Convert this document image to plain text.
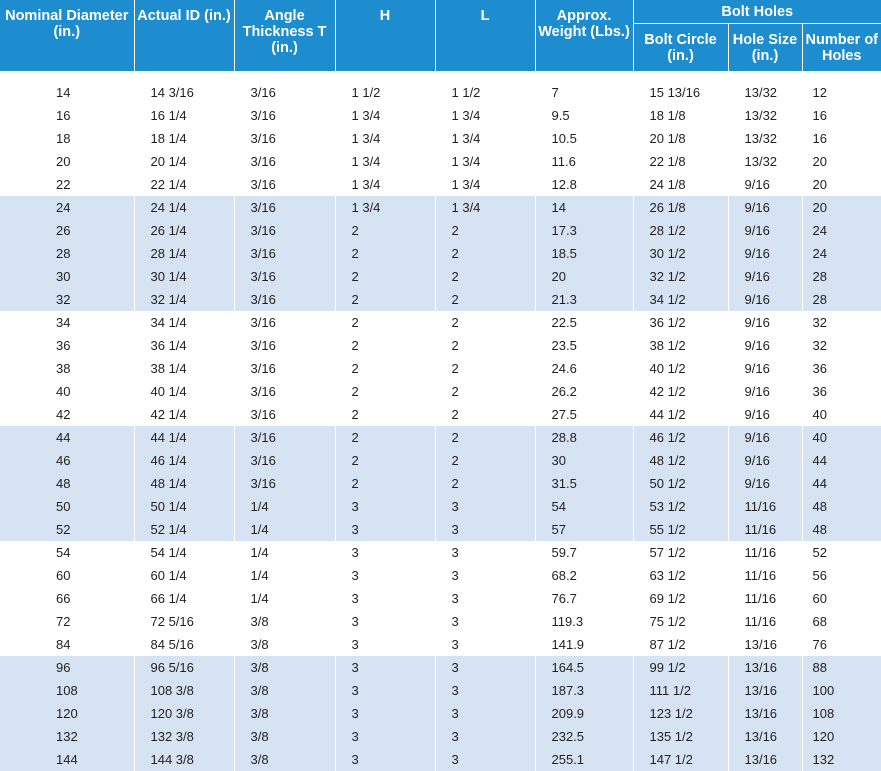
Nominal Diameter (in.)	Actual ID (in.)	Angle Thickness T (in.)	H	L	Approx. Weight (Lbs.)	Bolt Holes		
						Bolt Circle (in.)	Hole Size (in.)	Number of Holes

14	14 3/16	3/16	1 1/2	1 1/2	7	15 13/16	13/32	12
16	16 1/4	3/16	1 3/4	1 3/4	9.5	18 1/8	13/32	16
18	18 1/4	3/16	1 3/4	1 3/4	10.5	20 1/8	13/32	16
20	20 1/4	3/16	1 3/4	1 3/4	11.6	22 1/8	13/32	20
22	22 1/4	3/16	1 3/4	1 3/4	12.8	24 1/8	9/16	20
24	24 1/4	3/16	1 3/4	1 3/4	14	26 1/8	9/16	20
26	26 1/4	3/16	2	2	17.3	28 1/2	9/16	24
28	28 1/4	3/16	2	2	18.5	30 1/2	9/16	24
30	30 1/4	3/16	2	2	20	32 1/2	9/16	28
32	32 1/4	3/16	2	2	21.3	34 1/2	9/16	28
34	34 1/4	3/16	2	2	22.5	36 1/2	9/16	32
36	36 1/4	3/16	2	2	23.5	38 1/2	9/16	32
38	38 1/4	3/16	2	2	24.6	40 1/2	9/16	36
40	40 1/4	3/16	2	2	26.2	42 1/2	9/16	36
42	42 1/4	3/16	2	2	27.5	44 1/2	9/16	40
44	44 1/4	3/16	2	2	28.8	46 1/2	9/16	40
46	46 1/4	3/16	2	2	30	48 1/2	9/16	44
48	48 1/4	3/16	2	2	31.5	50 1/2	9/16	44
50	50 1/4	1/4	3	3	54	53 1/2	11/16	48
52	52 1/4	1/4	3	3	57	55 1/2	11/16	48
54	54 1/4	1/4	3	3	59.7	57 1/2	11/16	52
60	60 1/4	1/4	3	3	68.2	63 1/2	11/16	56
66	66 1/4	1/4	3	3	76.7	69 1/2	11/16	60
72	72 5/16	3/8	3	3	119.3	75 1/2	11/16	68
84	84 5/16	3/8	3	3	141.9	87 1/2	13/16	76
96	96 5/16	3/8	3	3	164.5	99 1/2	13/16	88
108	108 3/8	3/8	3	3	187.3	111 1/2	13/16	100
120	120 3/8	3/8	3	3	209.9	123 1/2	13/16	108
132	132 3/8	3/8	3	3	232.5	135 1/2	13/16	120
144	144 3/8	3/8	3	3	255.1	147 1/2	13/16	132
